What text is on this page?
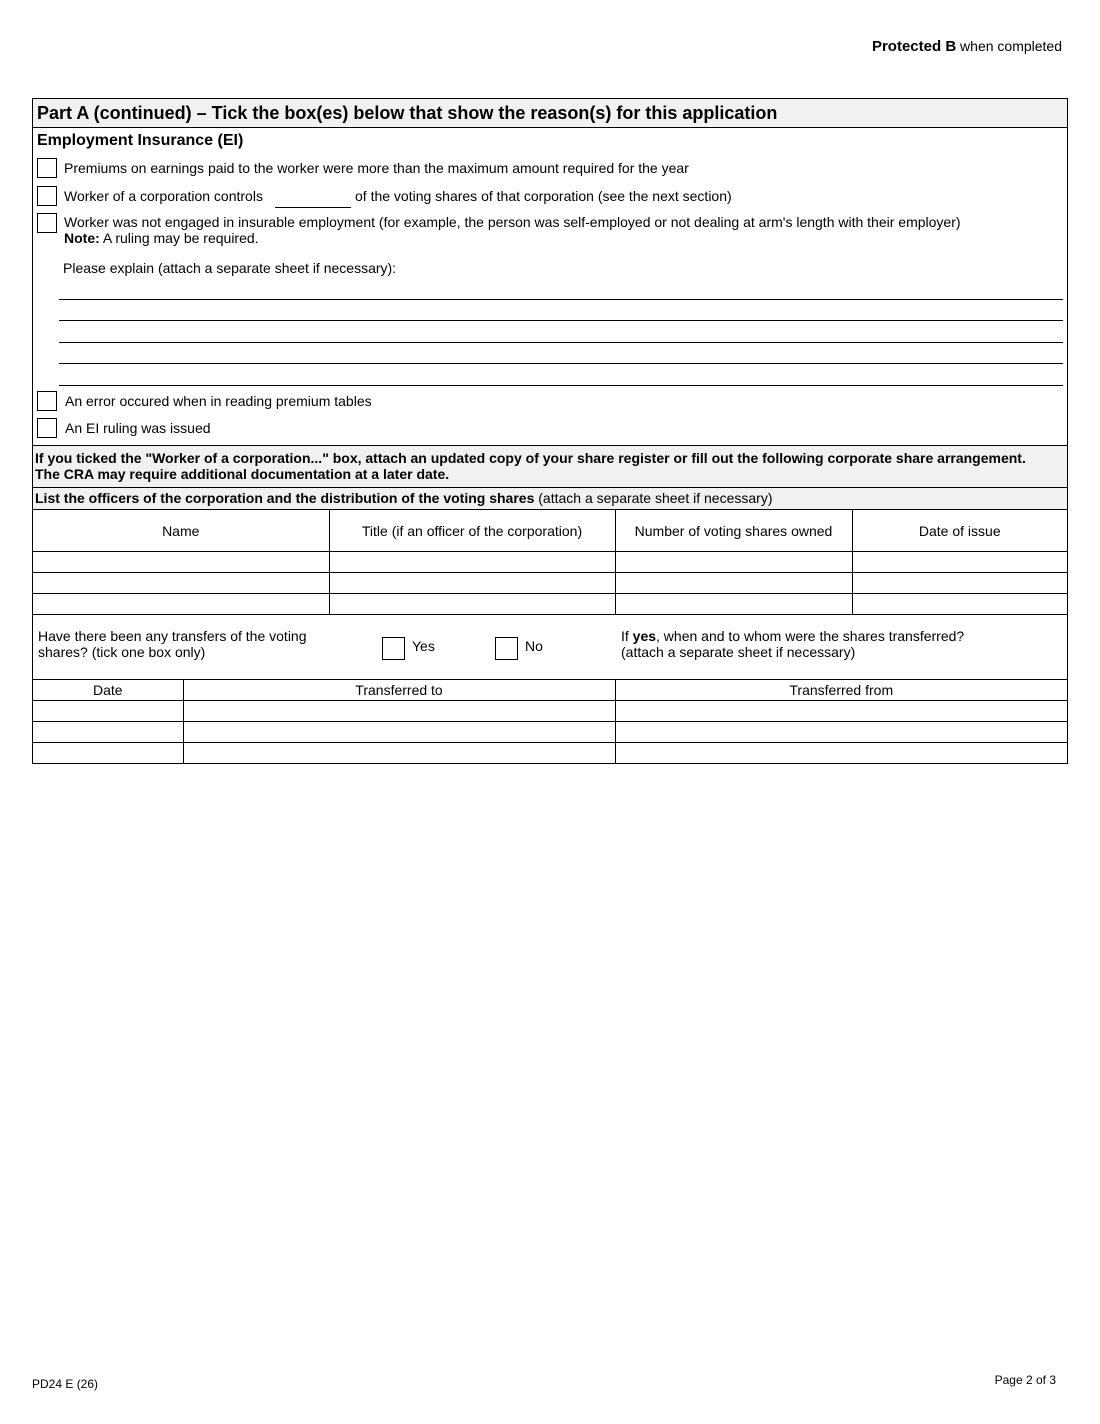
Protected B when completed
Part A (continued) – Tick the box(es) below that show the reason(s) for this application
Employment Insurance (EI)
Premiums on earnings paid to the worker were more than the maximum amount required for the year
Worker of a corporation controls	of the voting shares of that corporation (see the next section)
Worker was not engaged in insurable employment (for example, the person was self-employed or not dealing at arm's length with their employer)
Note: A ruling may be required.
Please explain (attach a separate sheet if necessary):
An error occured when in reading premium tables
An EI ruling was issued
If you ticked the "Worker of a corporation..." box, attach an updated copy of your share register or fill out the following corporate share arrangement.
The CRA may require additional documentation at a later date.
List the officers of the corporation and the distribution of the voting shares (attach a separate sheet if necessary)
Name	Title (if an officer of the corporation)	Number of voting shares owned	Date of issue

Have there been any transfers of the voting shares? (tick one box only)	Yes	No
If yes, when and to whom were the shares transferred?
(attach a separate sheet if necessary)
Date	Transferred to	Transferred from

PD24 E (26)	Page 2 of 3
